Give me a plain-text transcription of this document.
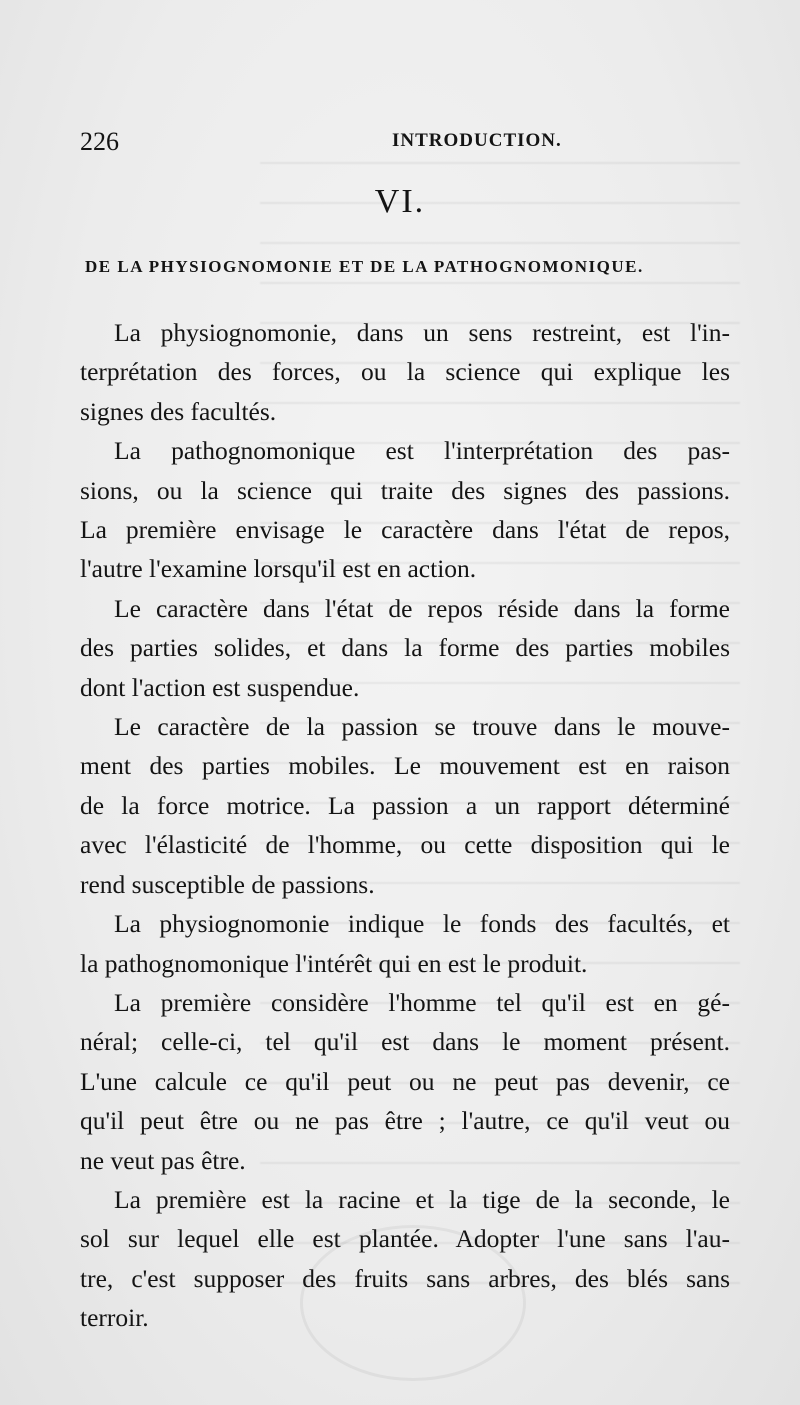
226	INTRODUCTION.
VI.
DE LA PHYSIOGNOMONIE ET DE LA PATHOGNOMONIQUE.
La physiognomonie, dans un sens restreint, est l'in-
terprétation des forces, ou la science qui explique les
signes des facultés.
La pathognomonique est l'interprétation des pas-
sions, ou la science qui traite des signes des passions.
La première envisage le caractère dans l'état de repos,
l'autre l'examine lorsqu'il est en action.
Le caractère dans l'état de repos réside dans la forme
des parties solides, et dans la forme des parties mobiles
dont l'action est suspendue.
Le caractère de la passion se trouve dans le mouve-
ment des parties mobiles. Le mouvement est en raison
de la force motrice. La passion a un rapport déterminé
avec l'élasticité de l'homme, ou cette disposition qui le
rend susceptible de passions.
La physiognomonie indique le fonds des facultés, et
la pathognomonique l'intérêt qui en est le produit.
La première considère l'homme tel qu'il est en gé-
néral; celle-ci, tel qu'il est dans le moment présent.
L'une calcule ce qu'il peut ou ne peut pas devenir, ce
qu'il peut être ou ne pas être ; l'autre, ce qu'il veut ou
ne veut pas être.
La première est la racine et la tige de la seconde, le
sol sur lequel elle est plantée. Adopter l'une sans l'au-
tre, c'est supposer des fruits sans arbres, des blés sans
terroir.
